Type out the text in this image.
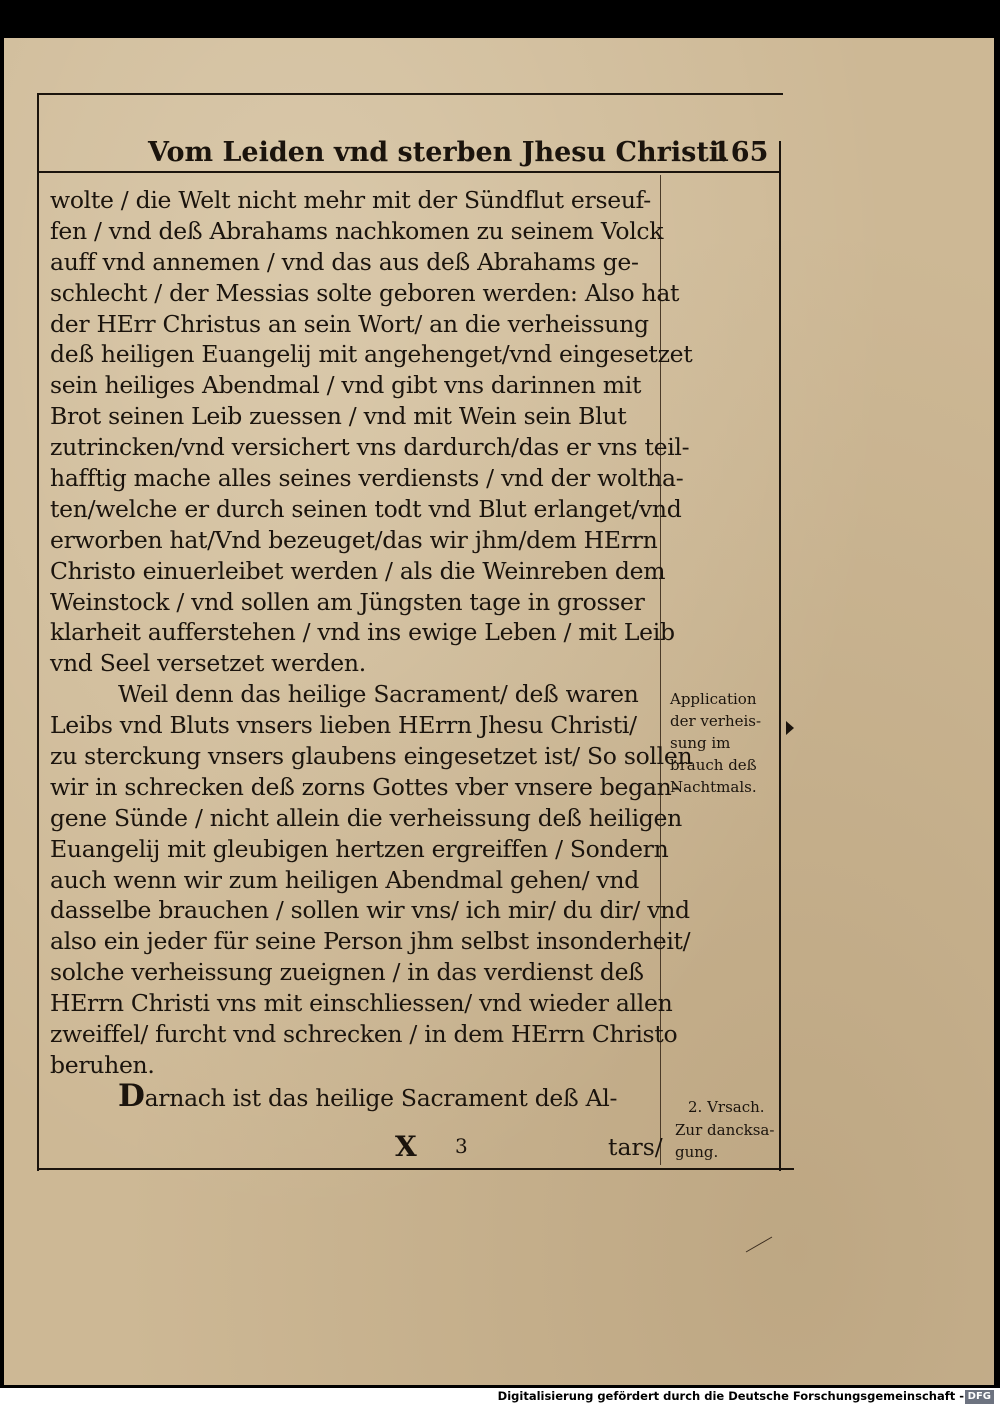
Vom Leiden vnd sterben Jhesu Christi.
165
wolte / die Welt nicht mehr mit der Sündflut erseuf-
fen / vnd deß Abrahams nachkomen zu seinem Volck
auff vnd annemen / vnd das aus deß Abrahams ge-
schlecht / der Messias solte geboren werden: Also hat
der HErr Christus an sein Wort/ an die verheissung
deß heiligen Euangelij mit angehenget/vnd eingesetzet
sein heiliges Abendmal / vnd gibt vns darinnen mit
Brot seinen Leib zuessen / vnd mit Wein sein Blut
zutrincken/vnd versichert vns dardurch/das er vns teil-
hafftig mache alles seines verdiensts / vnd der woltha-
ten/welche er durch seinen todt vnd Blut erlanget/vnd
erworben hat/Vnd bezeuget/das wir jhm/dem HErrn
Christo einuerleibet werden / als die Weinreben dem
Weinstock / vnd sollen am Jüngsten tage in grosser
klarheit aufferstehen / vnd ins ewige Leben / mit Leib
vnd Seel versetzet werden.
Weil denn das heilige Sacrament/ deß waren
Leibs vnd Bluts vnsers lieben HErrn Jhesu Christi/
zu sterckung vnsers glaubens eingesetzet ist/ So sollen
wir in schrecken deß zorns Gottes vber vnsere began-
gene Sünde / nicht allein die verheissung deß heiligen
Euangelij mit gleubigen hertzen ergreiffen / Sondern
auch wenn wir zum heiligen Abendmal gehen/ vnd
dasselbe brauchen / sollen wir vns/ ich mir/ du dir/ vnd
also ein jeder für seine Person jhm selbst insonderheit/
solche verheissung zueignen / in das verdienst deß
HErrn Christi vns mit einschliessen/ vnd wieder allen
zweiffel/ furcht vnd schrecken / in dem HErrn Christo
beruhen.
Darnach ist das heilige Sacrament deß Al-
X 3	tars/
Application
der verheis-
sung im
brauch deß
Nachtmals.
2. Vrsach.
Zur dancksa-
gung.
Digitalisierung gefördert durch die Deutsche Forschungsgemeinschaft - DFG
